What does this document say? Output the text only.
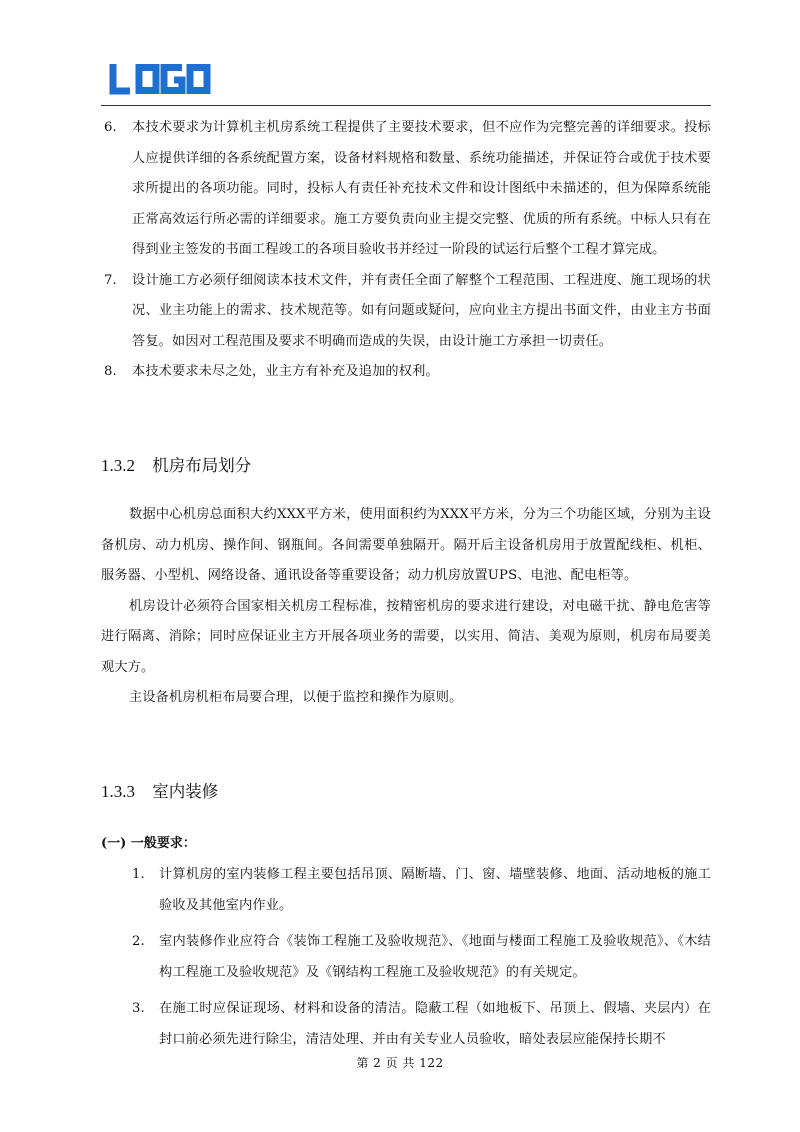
LOGO
6. 本技术要求为计算机主机房系统工程提供了主要技术要求，但不应作为完整完善的详细要求。投标人应提供详细的各系统配置方案，设备材料规格和数量、系统功能描述，并保证符合或优于技术要求所提出的各项功能。同时，投标人有责任补充技术文件和设计图纸中未描述的，但为保障系统能正常高效运行所必需的详细要求。施工方要负责向业主提交完整、优质的所有系统。中标人只有在得到业主签发的书面工程竣工的各项目验收书并经过一阶段的试运行后整个工程才算完成。
7. 设计施工方必须仔细阅读本技术文件，并有责任全面了解整个工程范围、工程进度、施工现场的状况、业主功能上的需求、技术规范等。如有问题或疑问，应向业主方提出书面文件，由业主方书面答复。如因对工程范围及要求不明确而造成的失误，由设计施工方承担一切责任。
8. 本技术要求未尽之处，业主方有补充及追加的权利。
1.3.2 机房布局划分

数据中心机房总面积大约XXX平方米，使用面积约为XXX平方米，分为三个功能区域，分别为主设备机房、动力机房、操作间、钢瓶间。各间需要单独隔开。隔开后主设备机房用于放置配线柜、机柜、服务器、小型机、网络设备、通讯设备等重要设备；动力机房放置UPS、电池、配电柜等。

机房设计必须符合国家相关机房工程标准，按精密机房的要求进行建设，对电磁干扰、静电危害等进行隔离、消除；同时应保证业主方开展各项业务的需要，以实用、简洁、美观为原则，机房布局要美观大方。

主设备机房机柜布局要合理，以便于监控和操作为原则。

1.3.3 室内装修
(一) 一般要求：
1. 计算机房的室内装修工程主要包括吊顶、隔断墙、门、窗、墙壁装修、地面、活动地板的施工验收及其他室内作业。
2. 室内装修作业应符合《装饰工程施工及验收规范》、《地面与楼面工程施工及验收规范》、《木结构工程施工及验收规范》及《钢结构工程施工及验收规范》的有关规定。
3. 在施工时应保证现场、材料和设备的清洁。隐蔽工程（如地板下、吊顶上、假墙、夹层内）在封口前必须先进行除尘，清洁处理、并由有关专业人员验收，暗处表层应能保持长期不
第 2 页 共 122
